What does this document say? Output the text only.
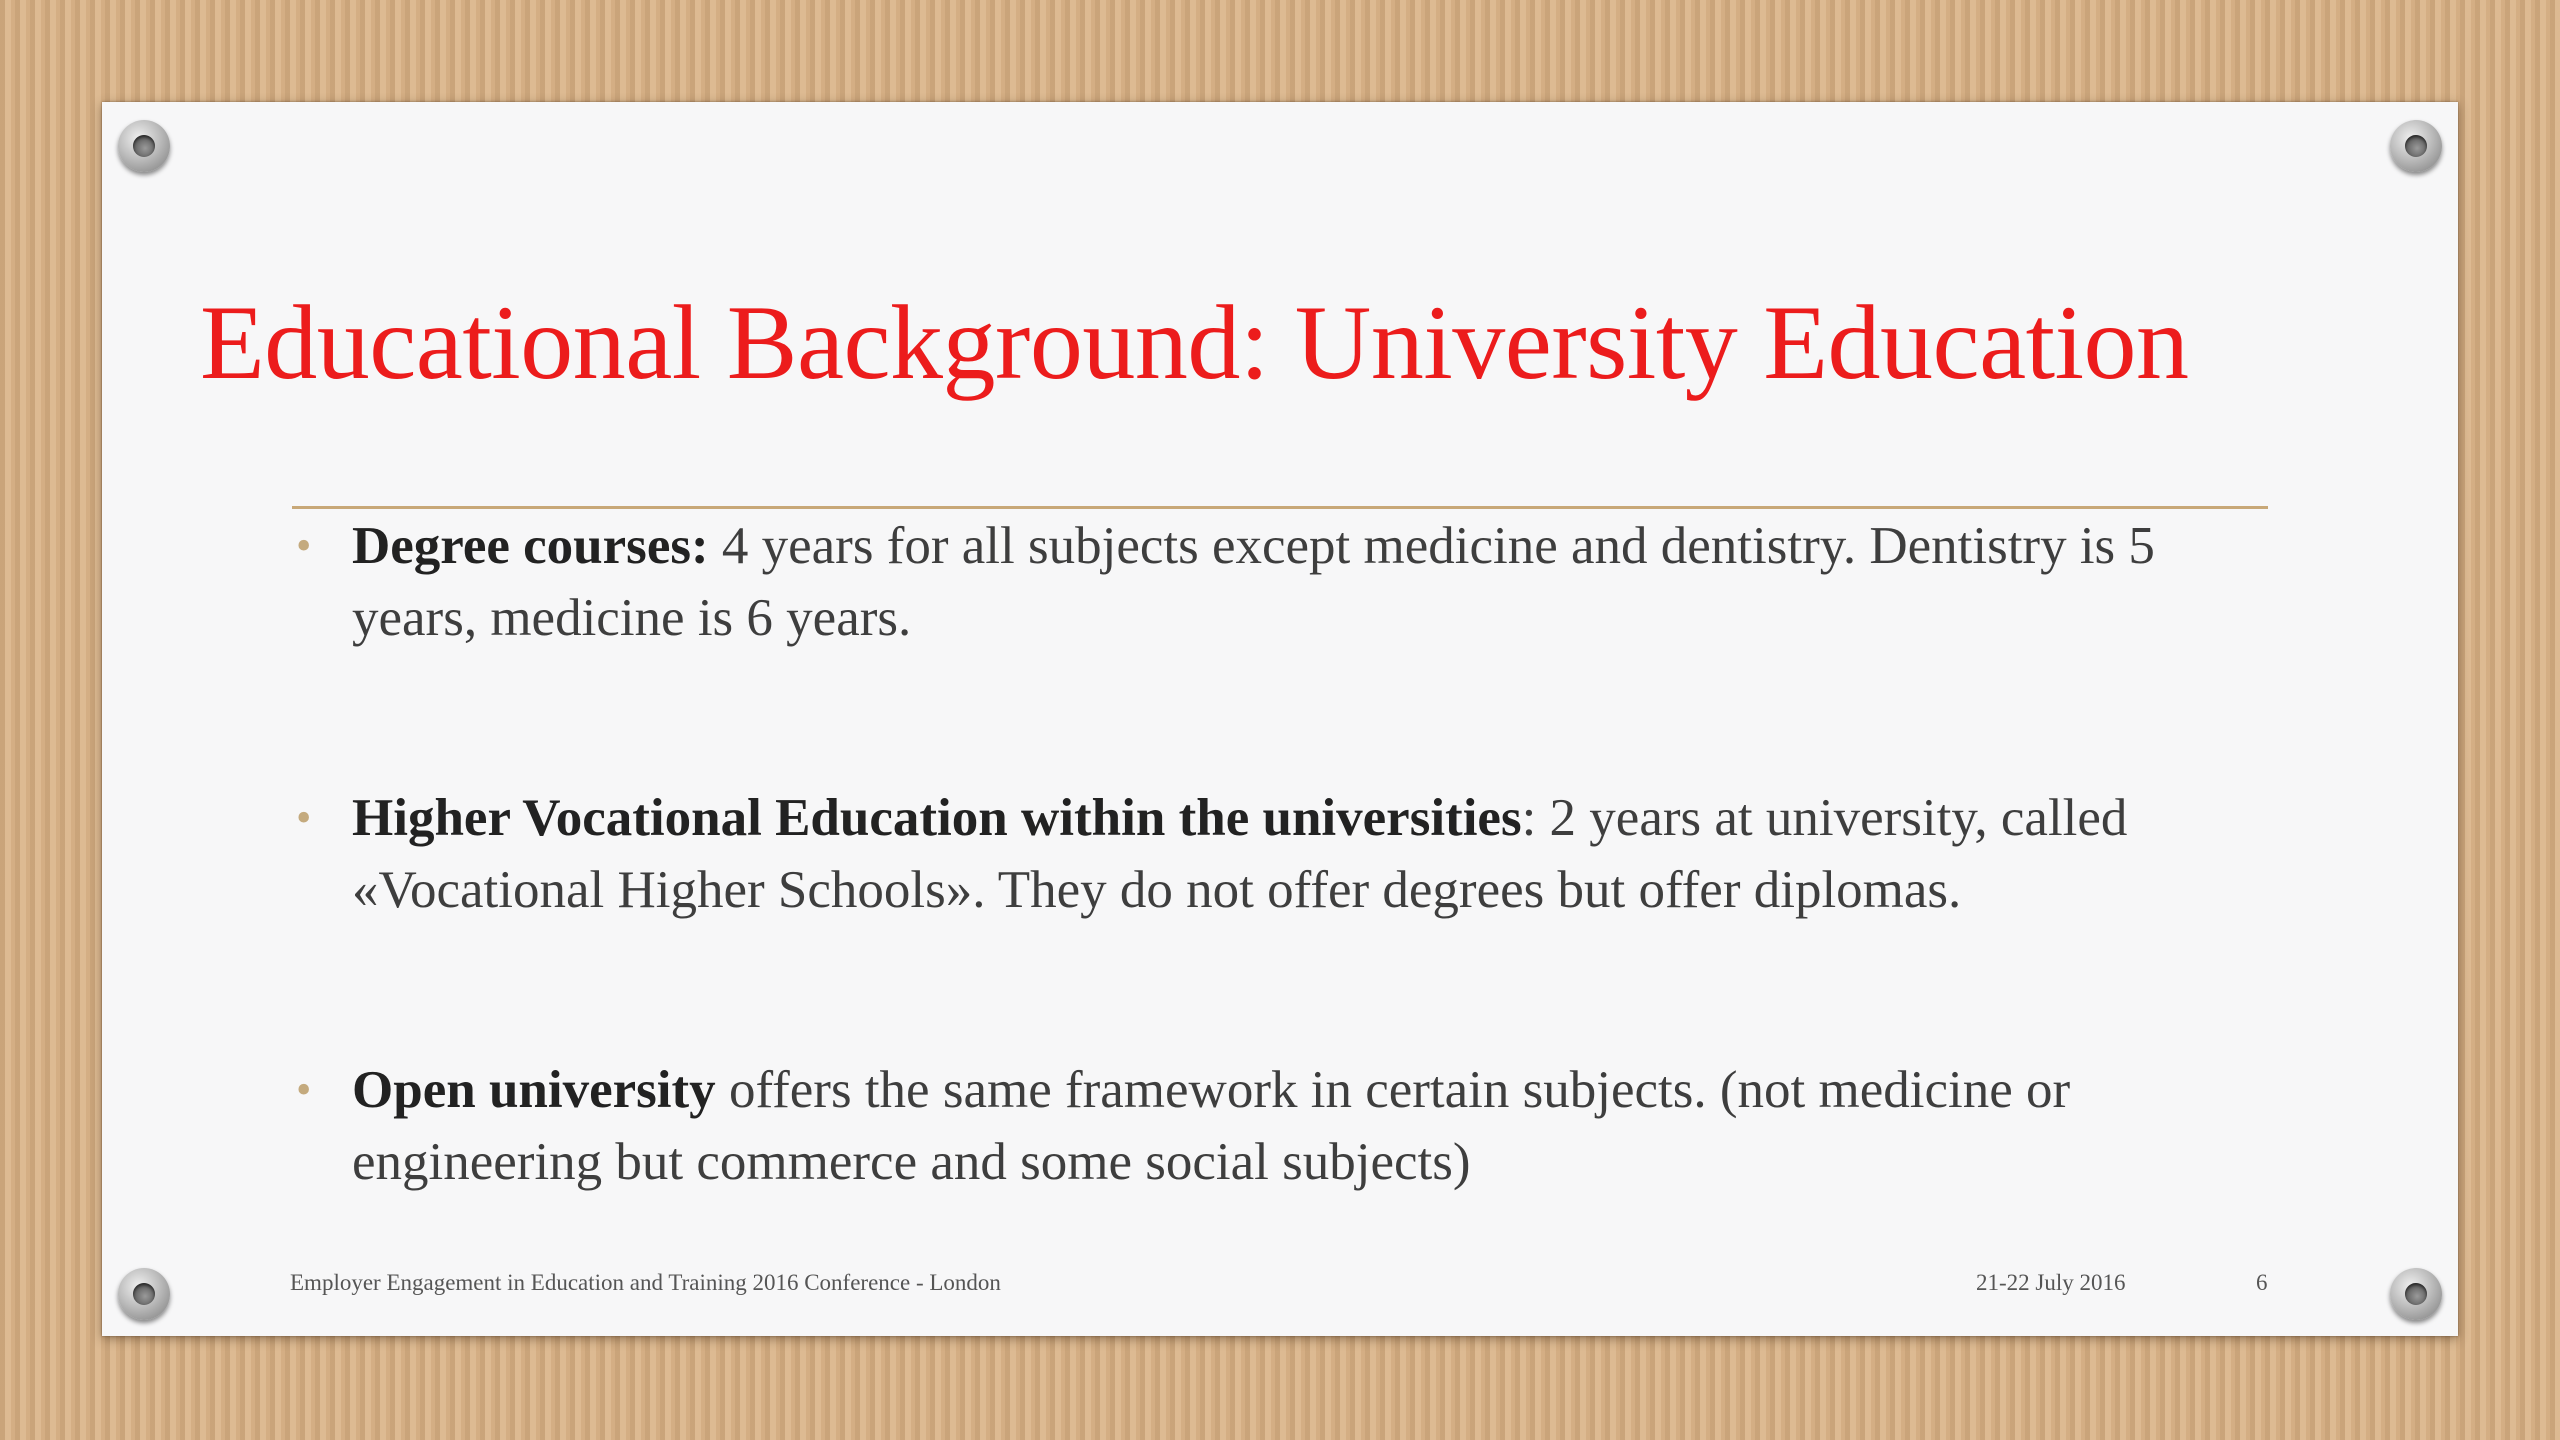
Educational Background: University Education
• Degree courses: 4 years for all subjects except medicine and dentistry. Dentistry is 5 years, medicine is 6 years.
• Higher Vocational Education within the universities: 2 years at university, called «Vocational Higher Schools». They do not offer degrees but offer diplomas.
• Open university offers the same framework in certain subjects. (not medicine or engineering but commerce and some social subjects)
Employer Engagement in Education and Training 2016 Conference - London	21-22 July 2016	6
